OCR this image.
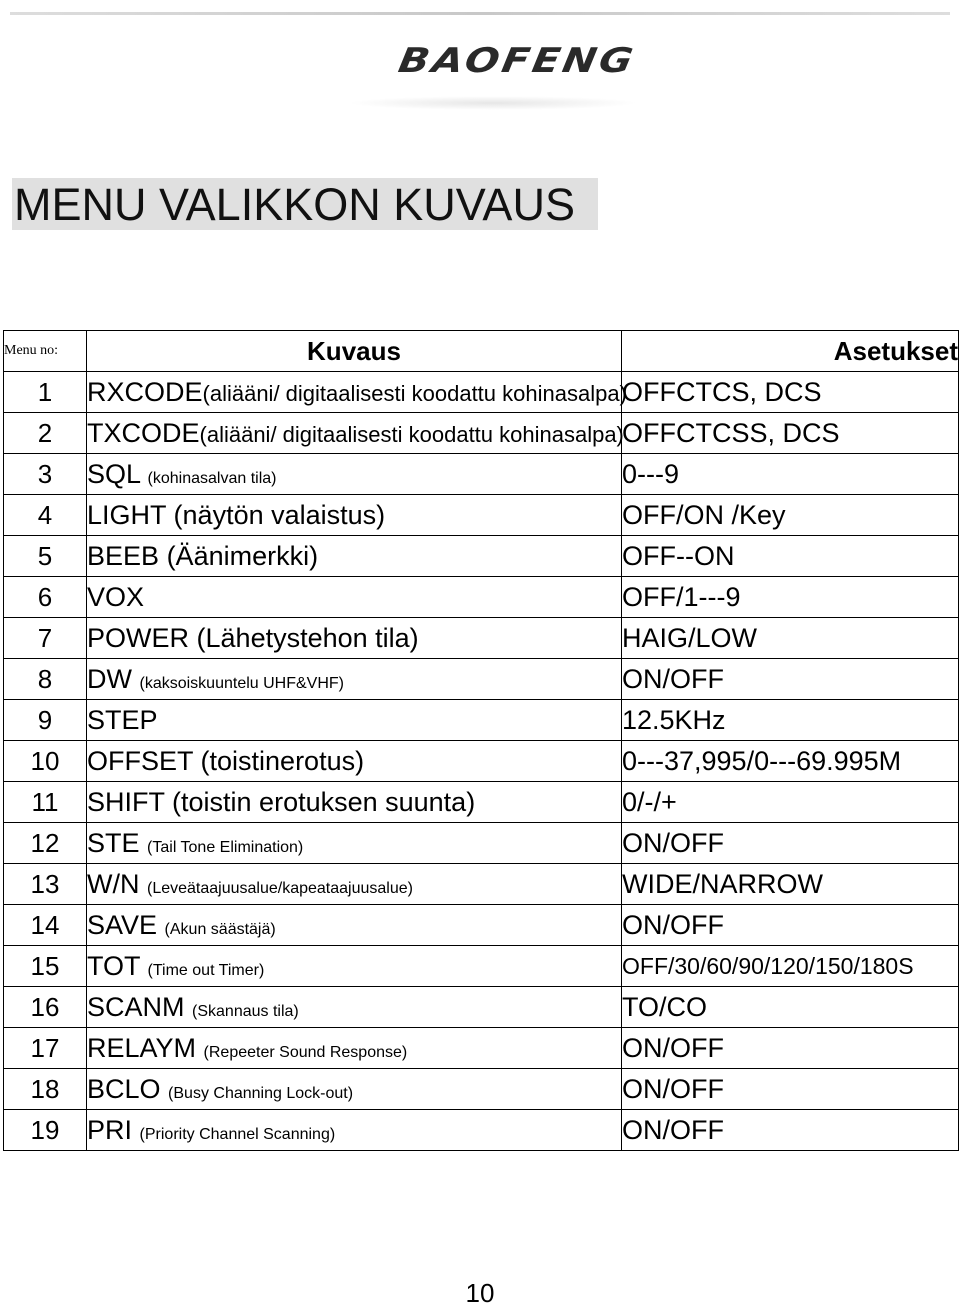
BAOFENG
MENU VALIKKON KUVAUS
Menu no:	Kuvaus	Asetukset
1	RXCODE(aliääni/ digitaalisesti koodattu kohinasalpa)	OFFCTCS, DCS
2	TXCODE(aliääni/ digitaalisesti koodattu kohinasalpa)	OFFCTCSS, DCS
3	SQL (kohinasalvan tila)	0---9
4	LIGHT (näytön valaistus)	OFF/ON /Key
5	BEEB (Äänimerkki)	OFF--ON
6	VOX	OFF/1---9
7	POWER (Lähetystehon tila)	HAIG/LOW
8	DW (kaksoiskuuntelu UHF&VHF)	ON/OFF
9	STEP	12.5KHz
10	OFFSET (toistinerotus)	0---37,995/0---69.995M
11	SHIFT (toistin erotuksen suunta)	0/-/+
12	STE (Tail Tone Elimination)	ON/OFF
13	W/N (Leveätaajuusalue/kapeataajuusalue)	WIDE/NARROW
14	SAVE (Akun säästäjä)	ON/OFF
15	TOT (Time out Timer)	OFF/30/60/90/120/150/180S
16	SCANM (Skannaus tila)	TO/CO
17	RELAYM (Repeeter Sound Response)	ON/OFF
18	BCLO (Busy Channing Lock-out)	ON/OFF
19	PRI (Priority Channel Scanning)	ON/OFF
10
